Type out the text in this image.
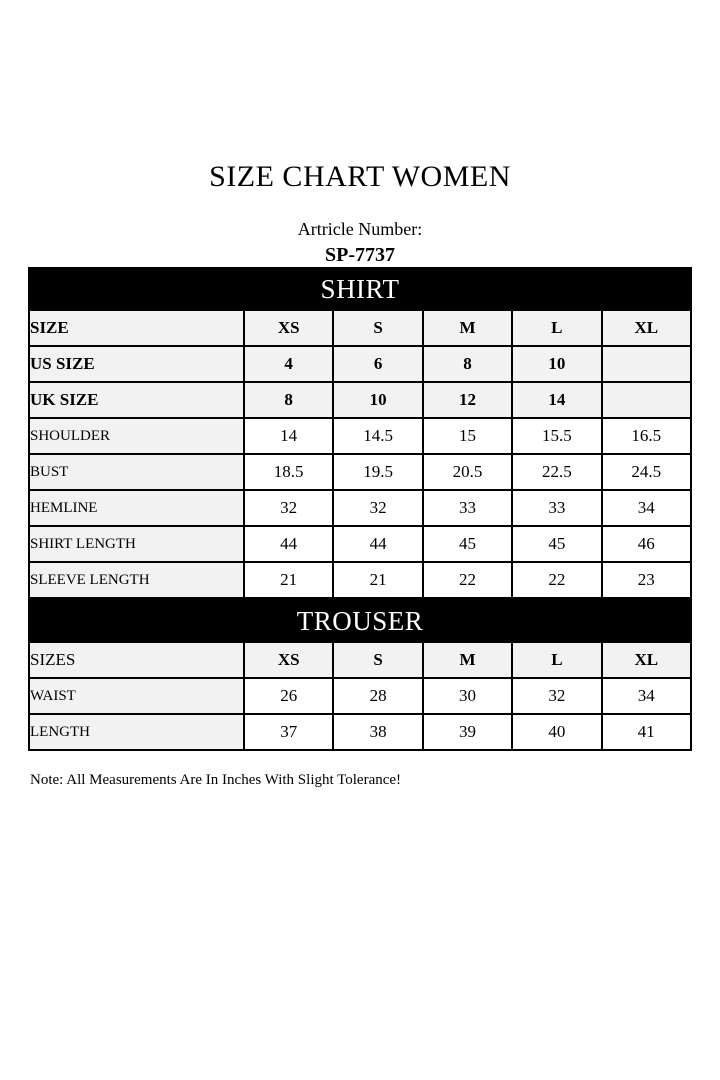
SIZE CHART WOMEN
Artricle Number:
SP-7737
SHIRT					
SIZE	XS	S	M	L	XL
US SIZE	4	6	8	10	
UK SIZE	8	10	12	14	
SHOULDER	14	14.5	15	15.5	16.5
BUST	18.5	19.5	20.5	22.5	24.5
HEMLINE	32	32	33	33	34
SHIRT LENGTH	44	44	45	45	46
SLEEVE LENGTH	21	21	22	22	23
TROUSER					
SIZES	XS	S	M	L	XL
WAIST	26	28	30	32	34
LENGTH	37	38	39	40	41
Note: All Measurements Are In Inches With Slight Tolerance!
